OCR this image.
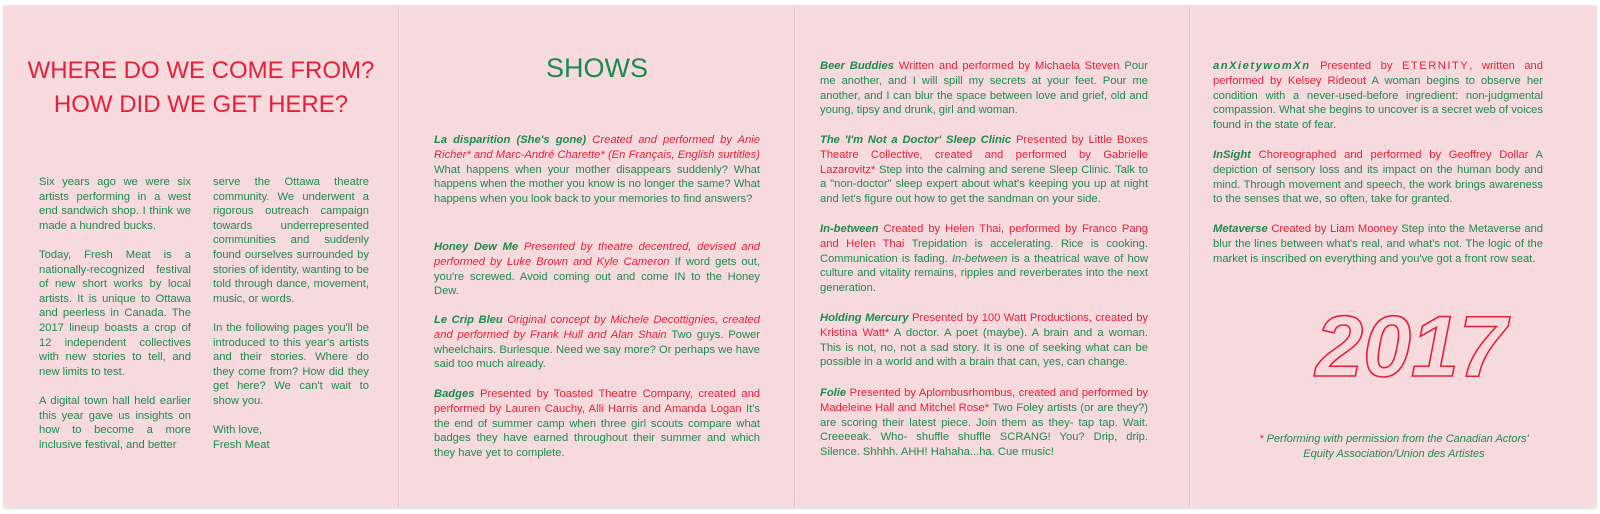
WHERE DO WE COME FROM?
HOW DID WE GET HERE?

Six years ago we were six artists performing in a west end sandwich shop. I think we made a hundred bucks.

Today, Fresh Meat is a nationally-recognized festival of new short works by local artists. It is unique to Ottawa and peerless in Canada. The 2017 lineup boasts a crop of 12 independent collectives with new stories to tell, and new limits to test.

A digital town hall held earlier this year gave us insights on how to become a more inclusive festival, and better

serve the Ottawa theatre community. We underwent a rigorous outreach campaign towards underrepresented communities and suddenly found ourselves surrounded by stories of identity, wanting to be told through dance, movement, music, or words.

In the following pages you'll be introduced to this year's artists and their stories. Where do they come from? How did they get here? We can't wait to show you.

With love,
Fresh Meat
SHOWS
La disparition (She's gone) Created and performed by Anie Richer* and Marc-André Charette* (En Français, English surtitles) What happens when your mother disappears suddenly? What happens when the mother you know is no longer the same? What happens when you look back to your memories to find answers?
Honey Dew Me Presented by theatre decentred, devised and performed by Luke Brown and Kyle Cameron If word gets out, you're screwed. Avoid coming out and come IN to the Honey Dew.
Le Crip Bleu Original concept by Michele Decottignies, created and performed by Frank Hull and Alan Shain Two guys. Power wheelchairs. Burlesque. Need we say more? Or perhaps we have said too much already.
Badges Presented by Toasted Theatre Company, created and performed by Lauren Cauchy, Alli Harris and Amanda Logan It's the end of summer camp when three girl scouts compare what badges they have earned throughout their summer and which they have yet to complete.
Beer Buddies Written and performed by Michaela Steven Pour me another, and I will spill my secrets at your feet. Pour me another, and I can blur the space between love and grief, old and young, tipsy and drunk, girl and woman.
The 'I'm Not a Doctor' Sleep Clinic Presented by Little Boxes Theatre Collective, created and performed by Gabrielle Lazarovitz* Step into the calming and serene Sleep Clinic. Talk to a "non-doctor" sleep expert about what's keeping you up at night and let's figure out how to get the sandman on your side.
In-between Created by Helen Thai, performed by Franco Pang and Helen Thai Trepidation is accelerating. Rice is cooking. Communication is fading. In-between is a theatrical wave of how culture and vitality remains, ripples and reverberates into the next generation.
Holding Mercury Presented by 100 Watt Productions, created by Kristina Watt* A doctor. A poet (maybe). A brain and a woman. This is not, no, not a sad story. It is one of seeking what can be possible in a world and with a brain that can, yes, can change.
Folie Presented by Aplombusrhombus, created and performed by Madeleine Hall and Mitchel Rose* Two Foley artists (or are they?) are scoring their latest piece. Join them as they- tap tap. Wait. Creeeeak. Who- shuffle shuffle SCRANG! You? Drip, drip. Silence. Shhhh. AHH! Hahaha...ha. Cue music!
anXietywomXn Presented by ETERNITY, written and performed by Kelsey Rideout A woman begins to observe her condition with a never-used-before ingredient: non-judgmental compassion. What she begins to uncover is a secret web of voices found in the state of fear.
InSight Choreographed and performed by Geoffrey Dollar A depiction of sensory loss and its impact on the human body and mind. Through movement and speech, the work brings awareness to the senses that we, so often, take for granted.
Metaverse Created by Liam Mooney Step into the Metaverse and blur the lines between what's real, and what's not. The logic of the market is inscribed on everything and you've got a front row seat.
2017
* Performing with permission from the Canadian Actors'
Equity Association/Union des Artistes
